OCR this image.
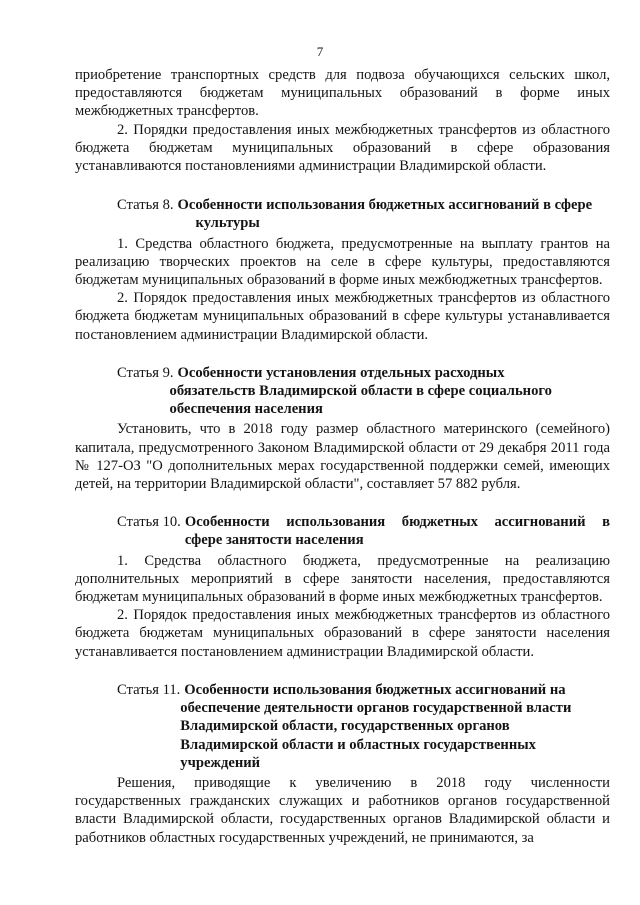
7

приобретение транспортных средств для подвоза обучающихся сельских школ, предоставляются бюджетам муниципальных образований в форме иных межбюджетных трансфертов.

2. Порядки предоставления иных межбюджетных трансфертов из областного бюджета бюджетам муниципальных образований в сфере образования устанавливаются постановлениями администрации Владимирской области.

Статья 8. Особенности использования бюджетных ассигнований в сфере
культуры

1. Средства областного бюджета, предусмотренные на выплату грантов на реализацию творческих проектов на селе в сфере культуры, предоставляются бюджетам муниципальных образований в форме иных межбюджетных трансфертов.

2. Порядок предоставления иных межбюджетных трансфертов из областного бюджета бюджетам муниципальных образований в сфере культуры устанавливается постановлением администрации Владимирской области.

Статья 9. Особенности установления отдельных расходных
обязательств Владимирской области в сфере социального
обеспечения населения

Установить, что в 2018 году размер областного материнского (семейного) капитала, предусмотренного Законом Владимирской области от 29 декабря 2011 года № 127-ОЗ "О дополнительных мерах государственной поддержки семей, имеющих детей, на территории Владимирской области", составляет 57 882 рубля.

Статья 10. Особенности использования бюджетных ассигнований в
сфере занятости населения

1. Средства областного бюджета, предусмотренные на реализацию дополнительных мероприятий в сфере занятости населения, предоставляются бюджетам муниципальных образований в форме иных межбюджетных трансфертов.

2. Порядок предоставления иных межбюджетных трансфертов из областного бюджета бюджетам муниципальных образований в сфере занятости населения устанавливается постановлением администрации Владимирской области.

Статья 11. Особенности использования бюджетных ассигнований на
обеспечение деятельности органов государственной власти
Владимирской области, государственных органов
Владимирской области и областных государственных
учреждений

Решения, приводящие к увеличению в 2018 году численности государственных гражданских служащих и работников органов государственной власти Владимирской области, государственных органов Владимирской области и работников областных государственных учреждений, не принимаются, за
